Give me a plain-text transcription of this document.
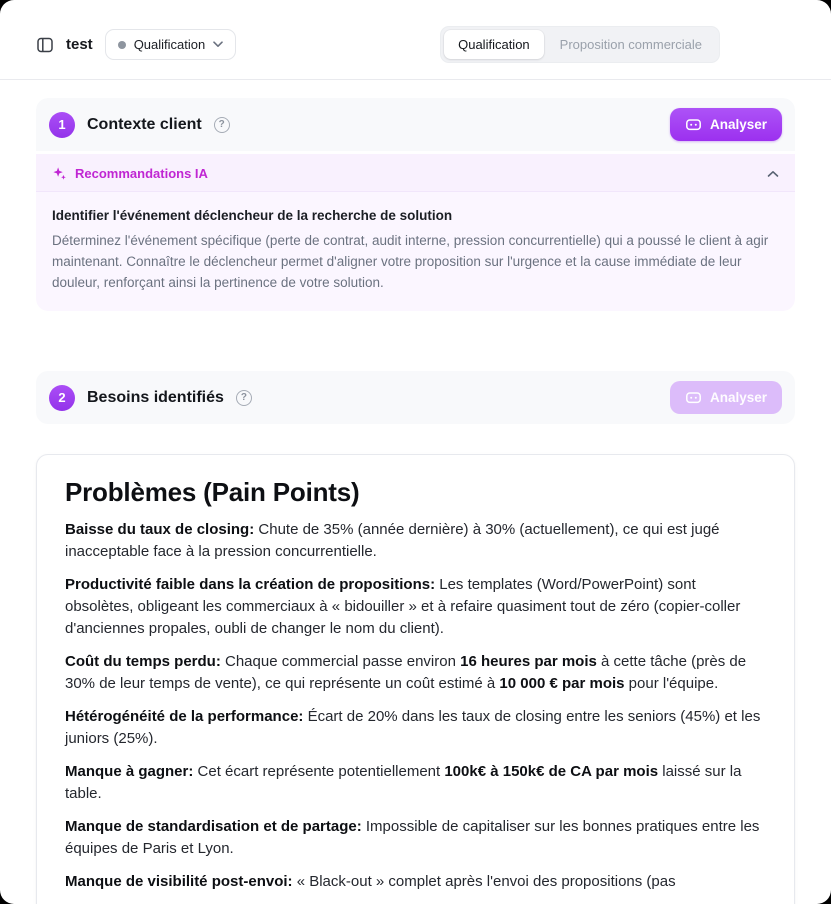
test	Qualification	Qualification	Proposition commerciale
1	Contexte client ?	Analyser
Recommandations IA

Identifier l'événement déclencheur de la recherche de solution

Déterminez l'événement spécifique (perte de contrat, audit interne, pression concurrentielle) qui a poussé le client à agir maintenant. Connaître le déclencheur permet d'aligner votre proposition sur l'urgence et la cause immédiate de leur douleur, renforçant ainsi la pertinence de votre solution.

2	Besoins identifiés ?	Analyser
Problèmes (Pain Points)

Baisse du taux de closing: Chute de 35% (année dernière) à 30% (actuellement), ce qui est jugé inacceptable face à la pression concurrentielle.

Productivité faible dans la création de propositions: Les templates (Word/PowerPoint) sont obsolètes, obligeant les commerciaux à « bidouiller » et à refaire quasiment tout de zéro (copier-coller d'anciennes propales, oubli de changer le nom du client).

Coût du temps perdu: Chaque commercial passe environ 16 heures par mois à cette tâche (près de 30% de leur temps de vente), ce qui représente un coût estimé à 10 000 € par mois pour l'équipe.

Hétérogénéité de la performance: Écart de 20% dans les taux de closing entre les seniors (45%) et les juniors (25%).

Manque à gagner: Cet écart représente potentiellement 100k€ à 150k€ de CA par mois laissé sur la table.

Manque de standardisation et de partage: Impossible de capitaliser sur les bonnes pratiques entre les équipes de Paris et Lyon.

Manque de visibilité post-envoi: « Black-out » complet après l'envoi des propositions (pas
